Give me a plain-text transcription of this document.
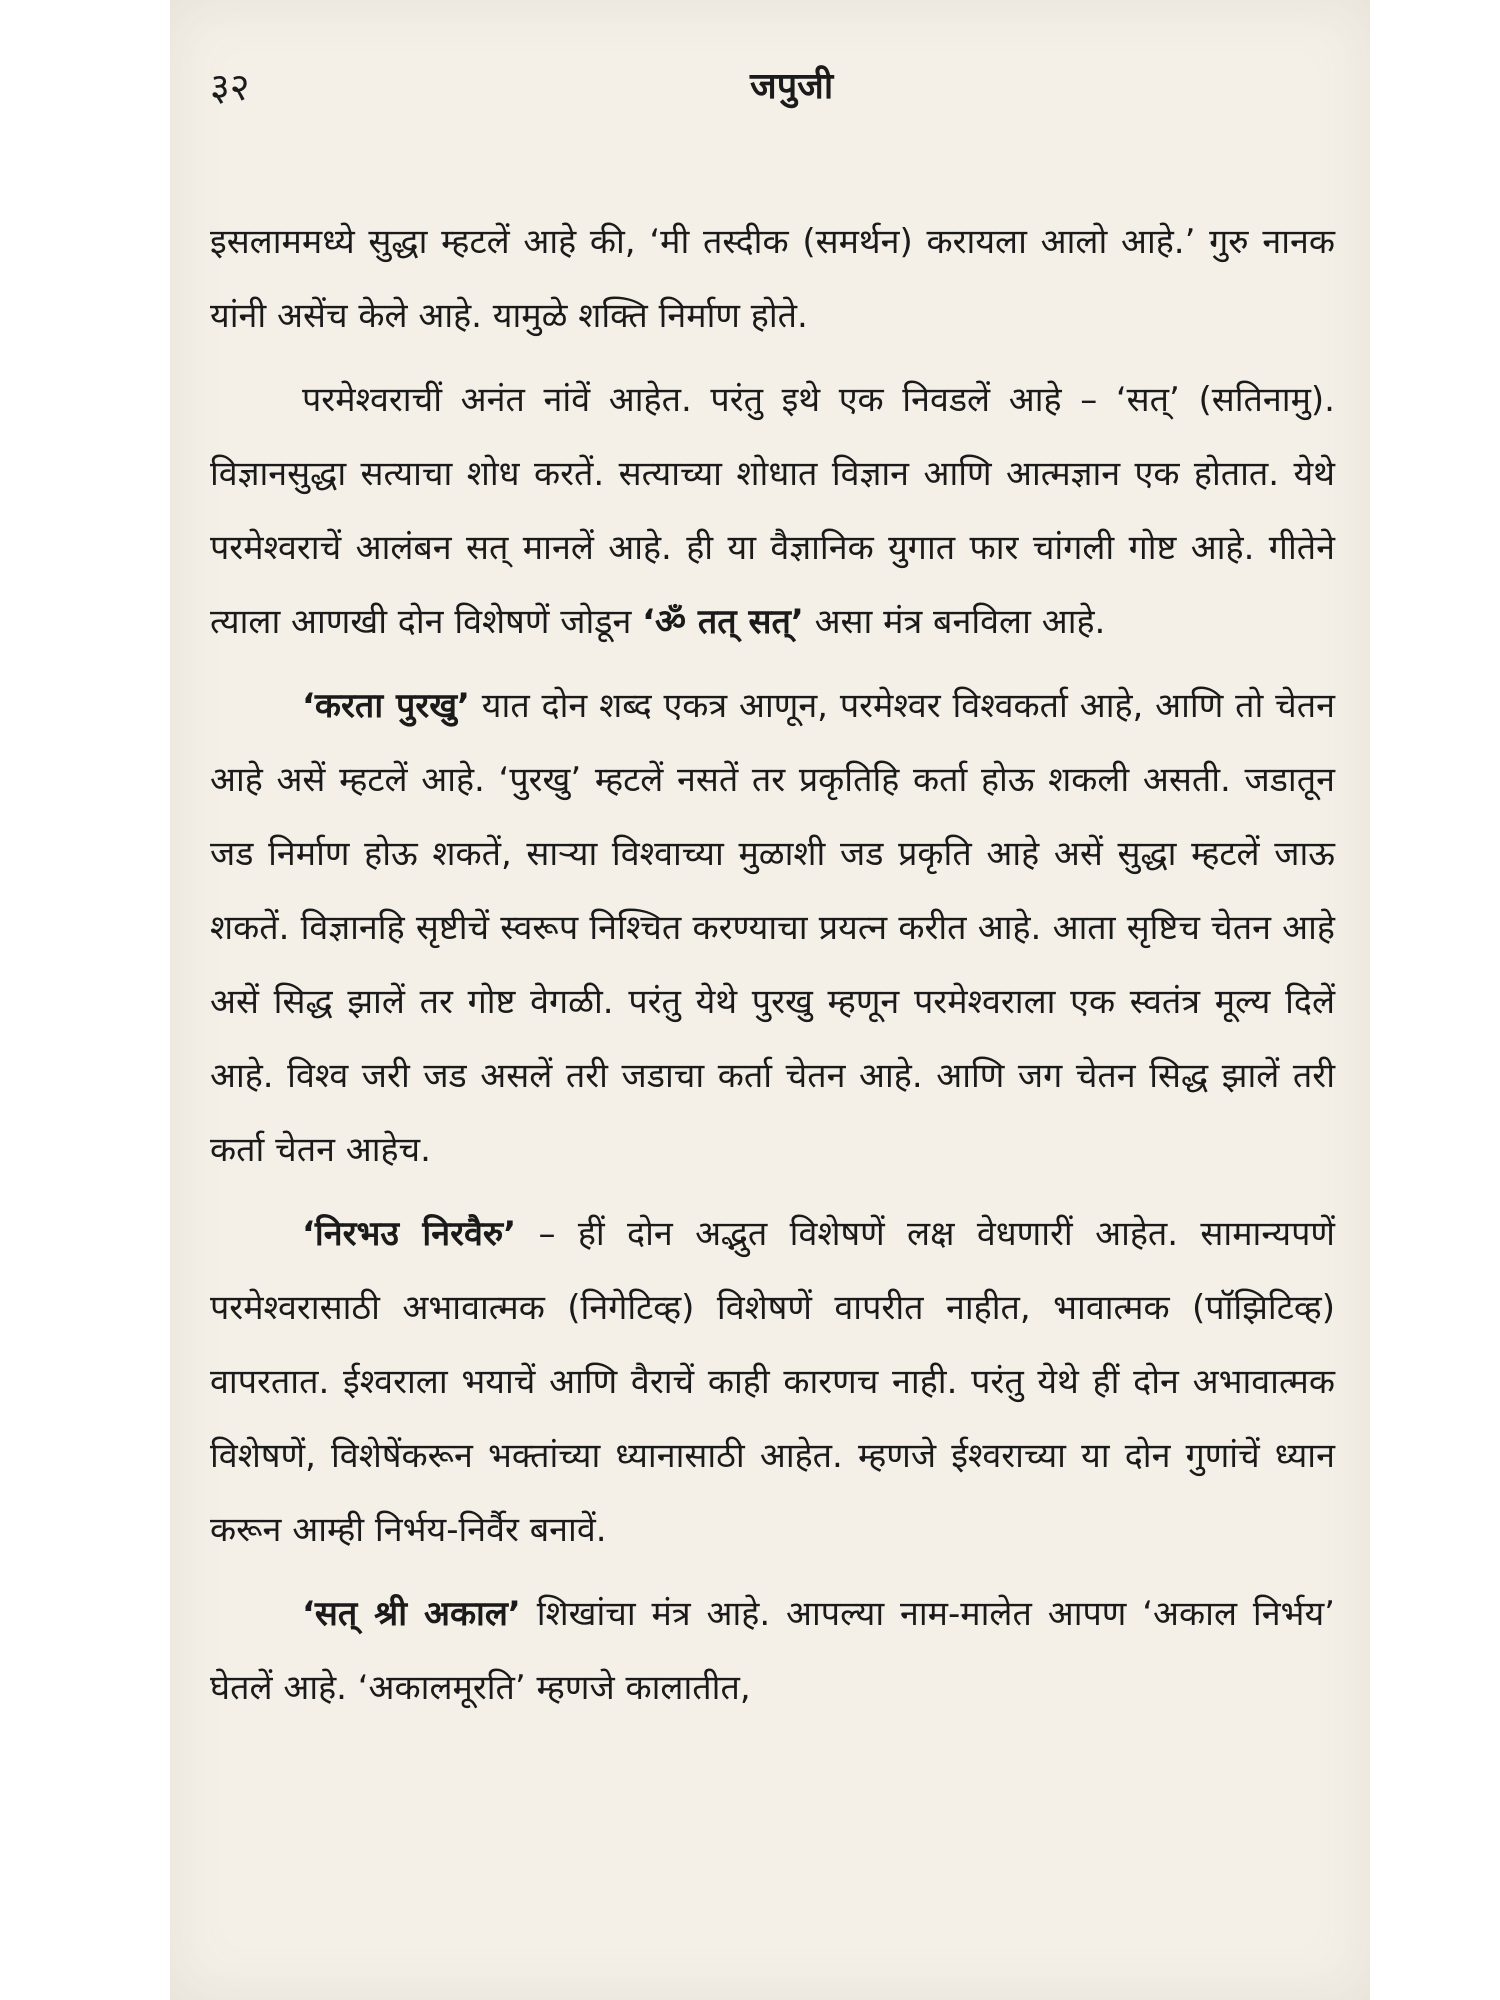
३२	जपुजी

इसलाममध्ये सुद्धा म्हटलें आहे की, ‘मी तस्दीक (समर्थन) करायला आलो आहे.’ गुरु नानक यांनी असेंच केले आहे. यामुळे शक्ति निर्माण होते.

परमेश्वराचीं अनंत नांवें आहेत. परंतु इथे एक निवडलें आहे – ‘सत्’ (सतिनामु). विज्ञानसुद्धा सत्याचा शोध करतें. सत्याच्या शोधात विज्ञान आणि आत्मज्ञान एक होतात. येथे परमेश्वराचें आलंबन सत् मानलें आहे. ही या वैज्ञानिक युगात फार चांगली गोष्ट आहे. गीतेने त्याला आणखी दोन विशेषणें जोडून ‘ॐ तत् सत्’ असा मंत्र बनविला आहे.

‘करता पुरखु’ यात दोन शब्द एकत्र आणून, परमेश्वर विश्वकर्ता आहे, आणि तो चेतन आहे असें म्हटलें आहे. ‘पुरखु’ म्हटलें नसतें तर प्रकृतिहि कर्ता होऊ शकली असती. जडातून जड निर्माण होऊ शकतें, साऱ्या विश्वाच्या मुळाशी जड प्रकृति आहे असें सुद्धा म्हटलें जाऊ शकतें. विज्ञानहि सृष्टीचें स्वरूप निश्चित करण्याचा प्रयत्न करीत आहे. आता सृष्टिच चेतन आहे असें सिद्ध झालें तर गोष्ट वेगळी. परंतु येथे पुरखु म्हणून परमेश्वराला एक स्वतंत्र मूल्य दिलें आहे. विश्व जरी जड असलें तरी जडाचा कर्ता चेतन आहे. आणि जग चेतन सिद्ध झालें तरी कर्ता चेतन आहेच.

‘निरभउ निरवैरु’ – हीं दोन अद्भुत विशेषणें लक्ष वेधणारीं आहेत. सामान्यपणें परमेश्वरासाठी अभावात्मक (निगेटिव्ह) विशेषणें वापरीत नाहीत, भावात्मक (पॉझिटिव्ह) वापरतात. ईश्वराला भयाचें आणि वैराचें काही कारणच नाही. परंतु येथे हीं दोन अभावात्मक विशेषणें, विशेषेंकरून भक्तांच्या ध्यानासाठी आहेत. म्हणजे ईश्वराच्या या दोन गुणांचें ध्यान करून आम्ही निर्भय-निर्वैर बनावें.

‘सत् श्री अकाल’ शिखांचा मंत्र आहे. आपल्या नाम-मालेत आपण ‘अकाल निर्भय’ घेतलें आहे. ‘अकालमूरति’ म्हणजे कालातीत,
